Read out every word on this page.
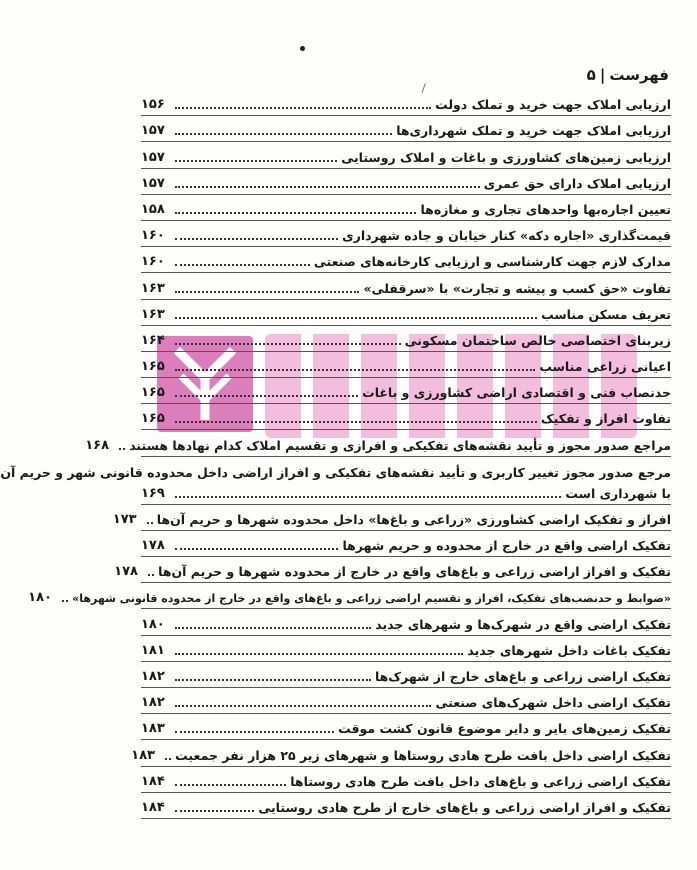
فهرست|۵
ارزیابی املاک جهت خرید و تملک دولت
۱۵۶
ارزیابی املاک جهت خرید و تملک شهرداری‌ها
۱۵۷
ارزیابی زمین‌های کشاورزی و باغات و املاک روستایی
۱۵۷
ارزیابی املاک دارای حق عمری
۱۵۷
تعیین اجاره‌بها واحدهای تجاری و مغازه‌ها
۱۵۸
قیمت‌گذاری «اجاره دکه» کنار خیابان و جاده شهرداری
۱۶۰
مدارک لازم جهت کارشناسی و ارزیابی کارخانه‌های صنعتی
۱۶۰
تفاوت «حق کسب و پیشه و تجارت» با «سرقفلی»
۱۶۳
تعریف مسکن مناسب
۱۶۳
زیربنای اختصاصی خالص ساختمان مسکونی
۱۶۴
اعیانی زراعی مناسب
۱۶۵
حدنصاب فنی و اقتصادی اراضی کشاورزی و باغات
۱۶۵
تفاوت افراز و تفکیک
۱۶۵
مراجع صدور مجوز و تأیید نقشه‌های تفکیکی و افرازی و تقسیم املاک کدام نهادها هستند
۱۶۸
مرجع صدور مجوز تغییر کاربری و تأیید نقشه‌های تفکیکی و افراز اراضی داخل محدوده قانونی شهر و حریم آن
با شهرداری است
۱۶۹
افراز و تفکیک اراضی کشاورزی «زراعی و باغ‌ها» داخل محدوده شهرها و حریم آن‌ها
۱۷۳
تفکیک اراضی واقع در خارج از محدوده و حریم شهرها
۱۷۸
تفکیک و افراز اراضی زراعی و باغ‌های واقع در خارج از محدوده شهرها و حریم آن‌ها
۱۷۸
«ضوابط و حدنصب‌های تفکیک، افراز و تقسیم اراضی زراعی و باغ‌های واقع در خارج از محدوده قانونی شهرها»
۱۸۰
تفکیک اراضی واقع در شهرک‌ها و شهرهای جدید
۱۸۰
تفکیک باغات داخل شهرهای جدید
۱۸۱
تفکیک اراضی زراعی و باغ‌های خارج از شهرک‌ها
۱۸۲
تفکیک اراضی داخل شهرک‌های صنعتی
۱۸۲
تفکیک زمین‌های بایر و دایر موضوع قانون کشت موقت
۱۸۳
تفکیک اراضی داخل بافت طرح هادی روستاها و شهرهای زیر ۲۵ هزار نفر جمعیت
۱۸۳
تفکیک اراضی زراعی و باغ‌های داخل بافت طرح هادی روستاها
۱۸۴
تفکیک و افراز اراضی زراعی و باغ‌های خارج از طرح هادی روستایی
۱۸۴
